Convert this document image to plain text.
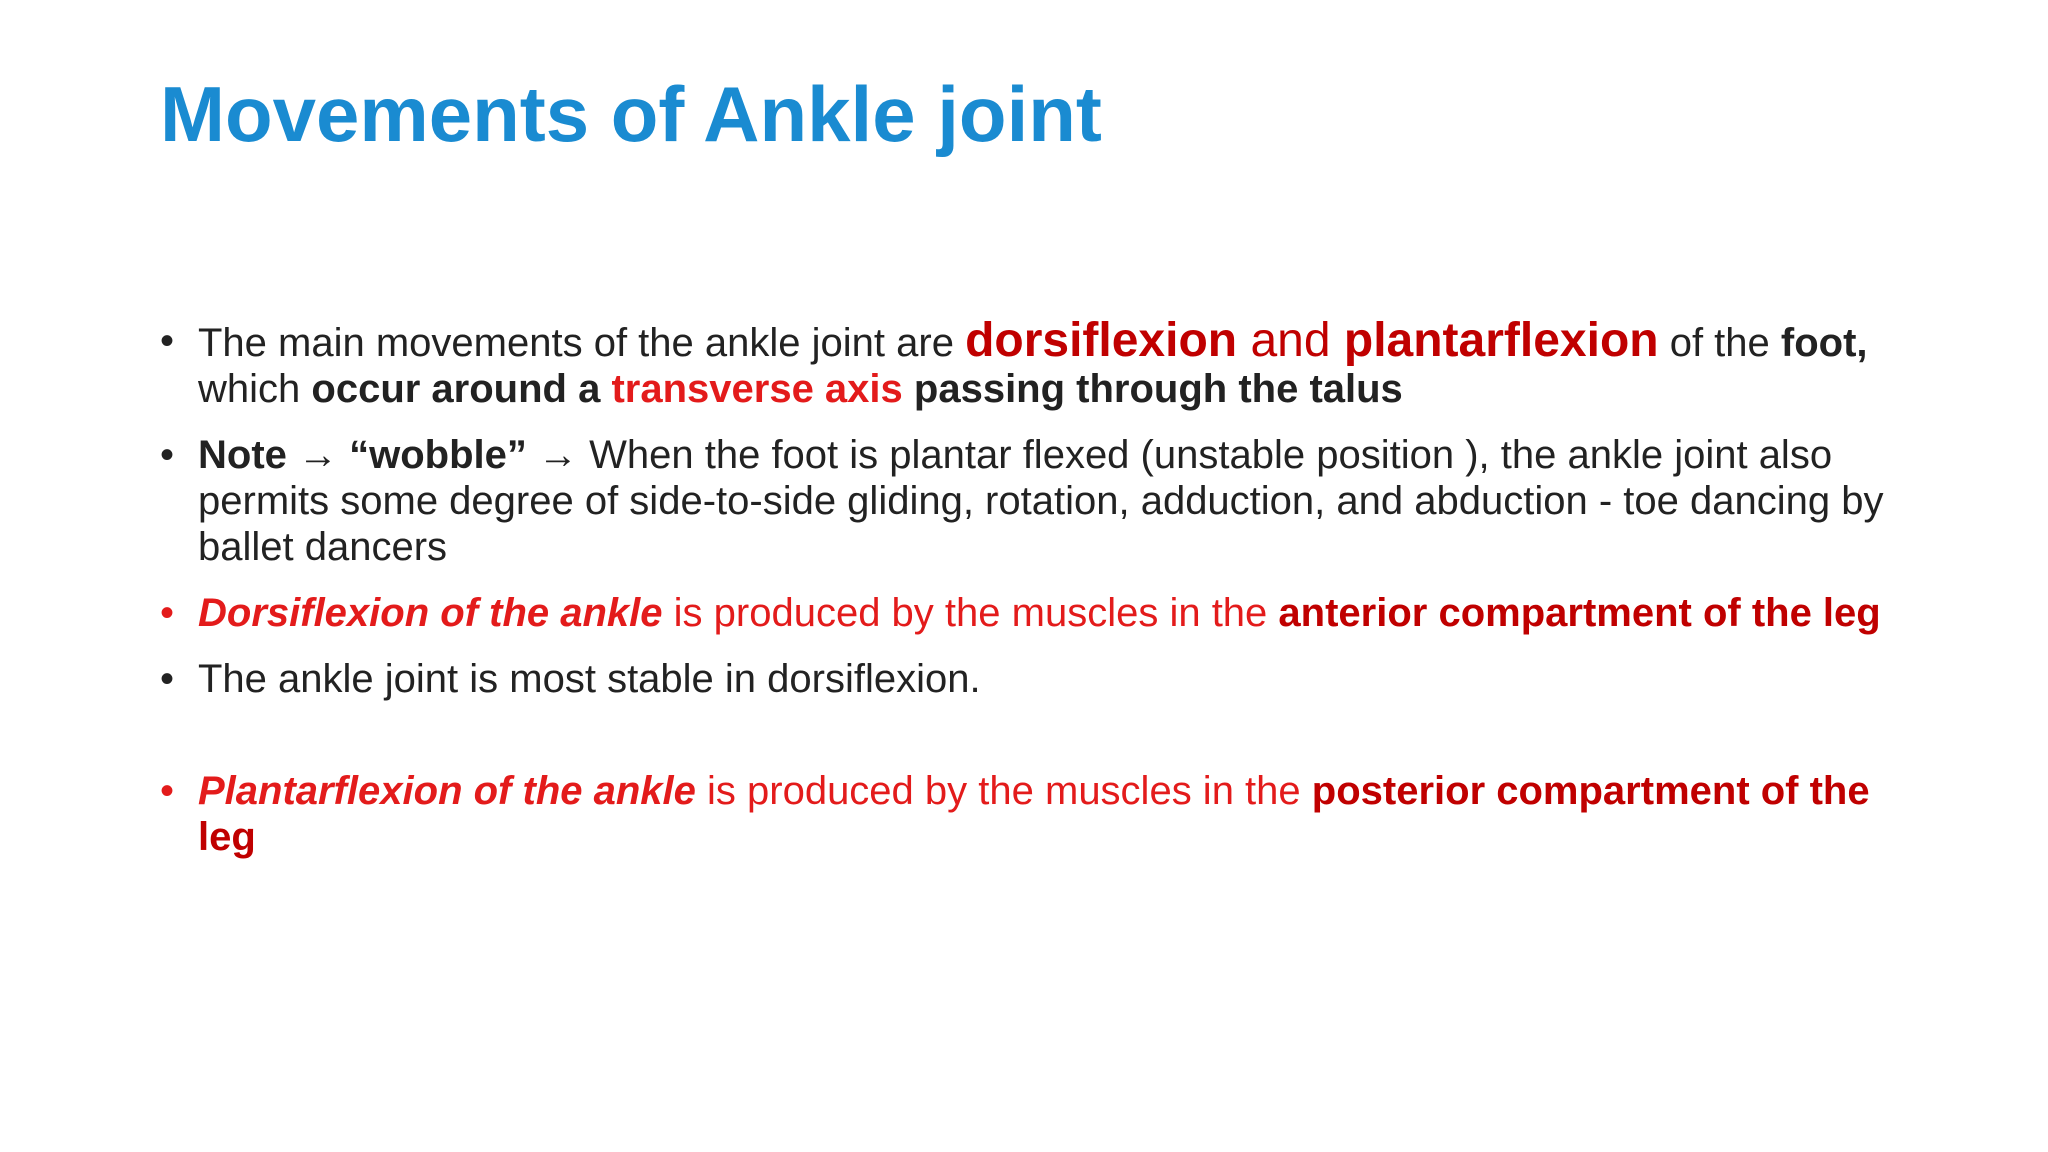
Movements of Ankle joint
• The main movements of the ankle joint are dorsiflexion and plantarflexion of the foot, which occur around a transverse axis passing through the talus
• Note → “wobble” → When the foot is plantar flexed (unstable position ), the ankle joint also permits some degree of side-to-side gliding, rotation, adduction, and abduction - toe dancing by ballet dancers
• Dorsiflexion of the ankle is produced by the muscles in the anterior compartment of the leg
• The ankle joint is most stable in dorsiflexion.
• Plantarflexion of the ankle is produced by the muscles in the posterior compartment of the leg
